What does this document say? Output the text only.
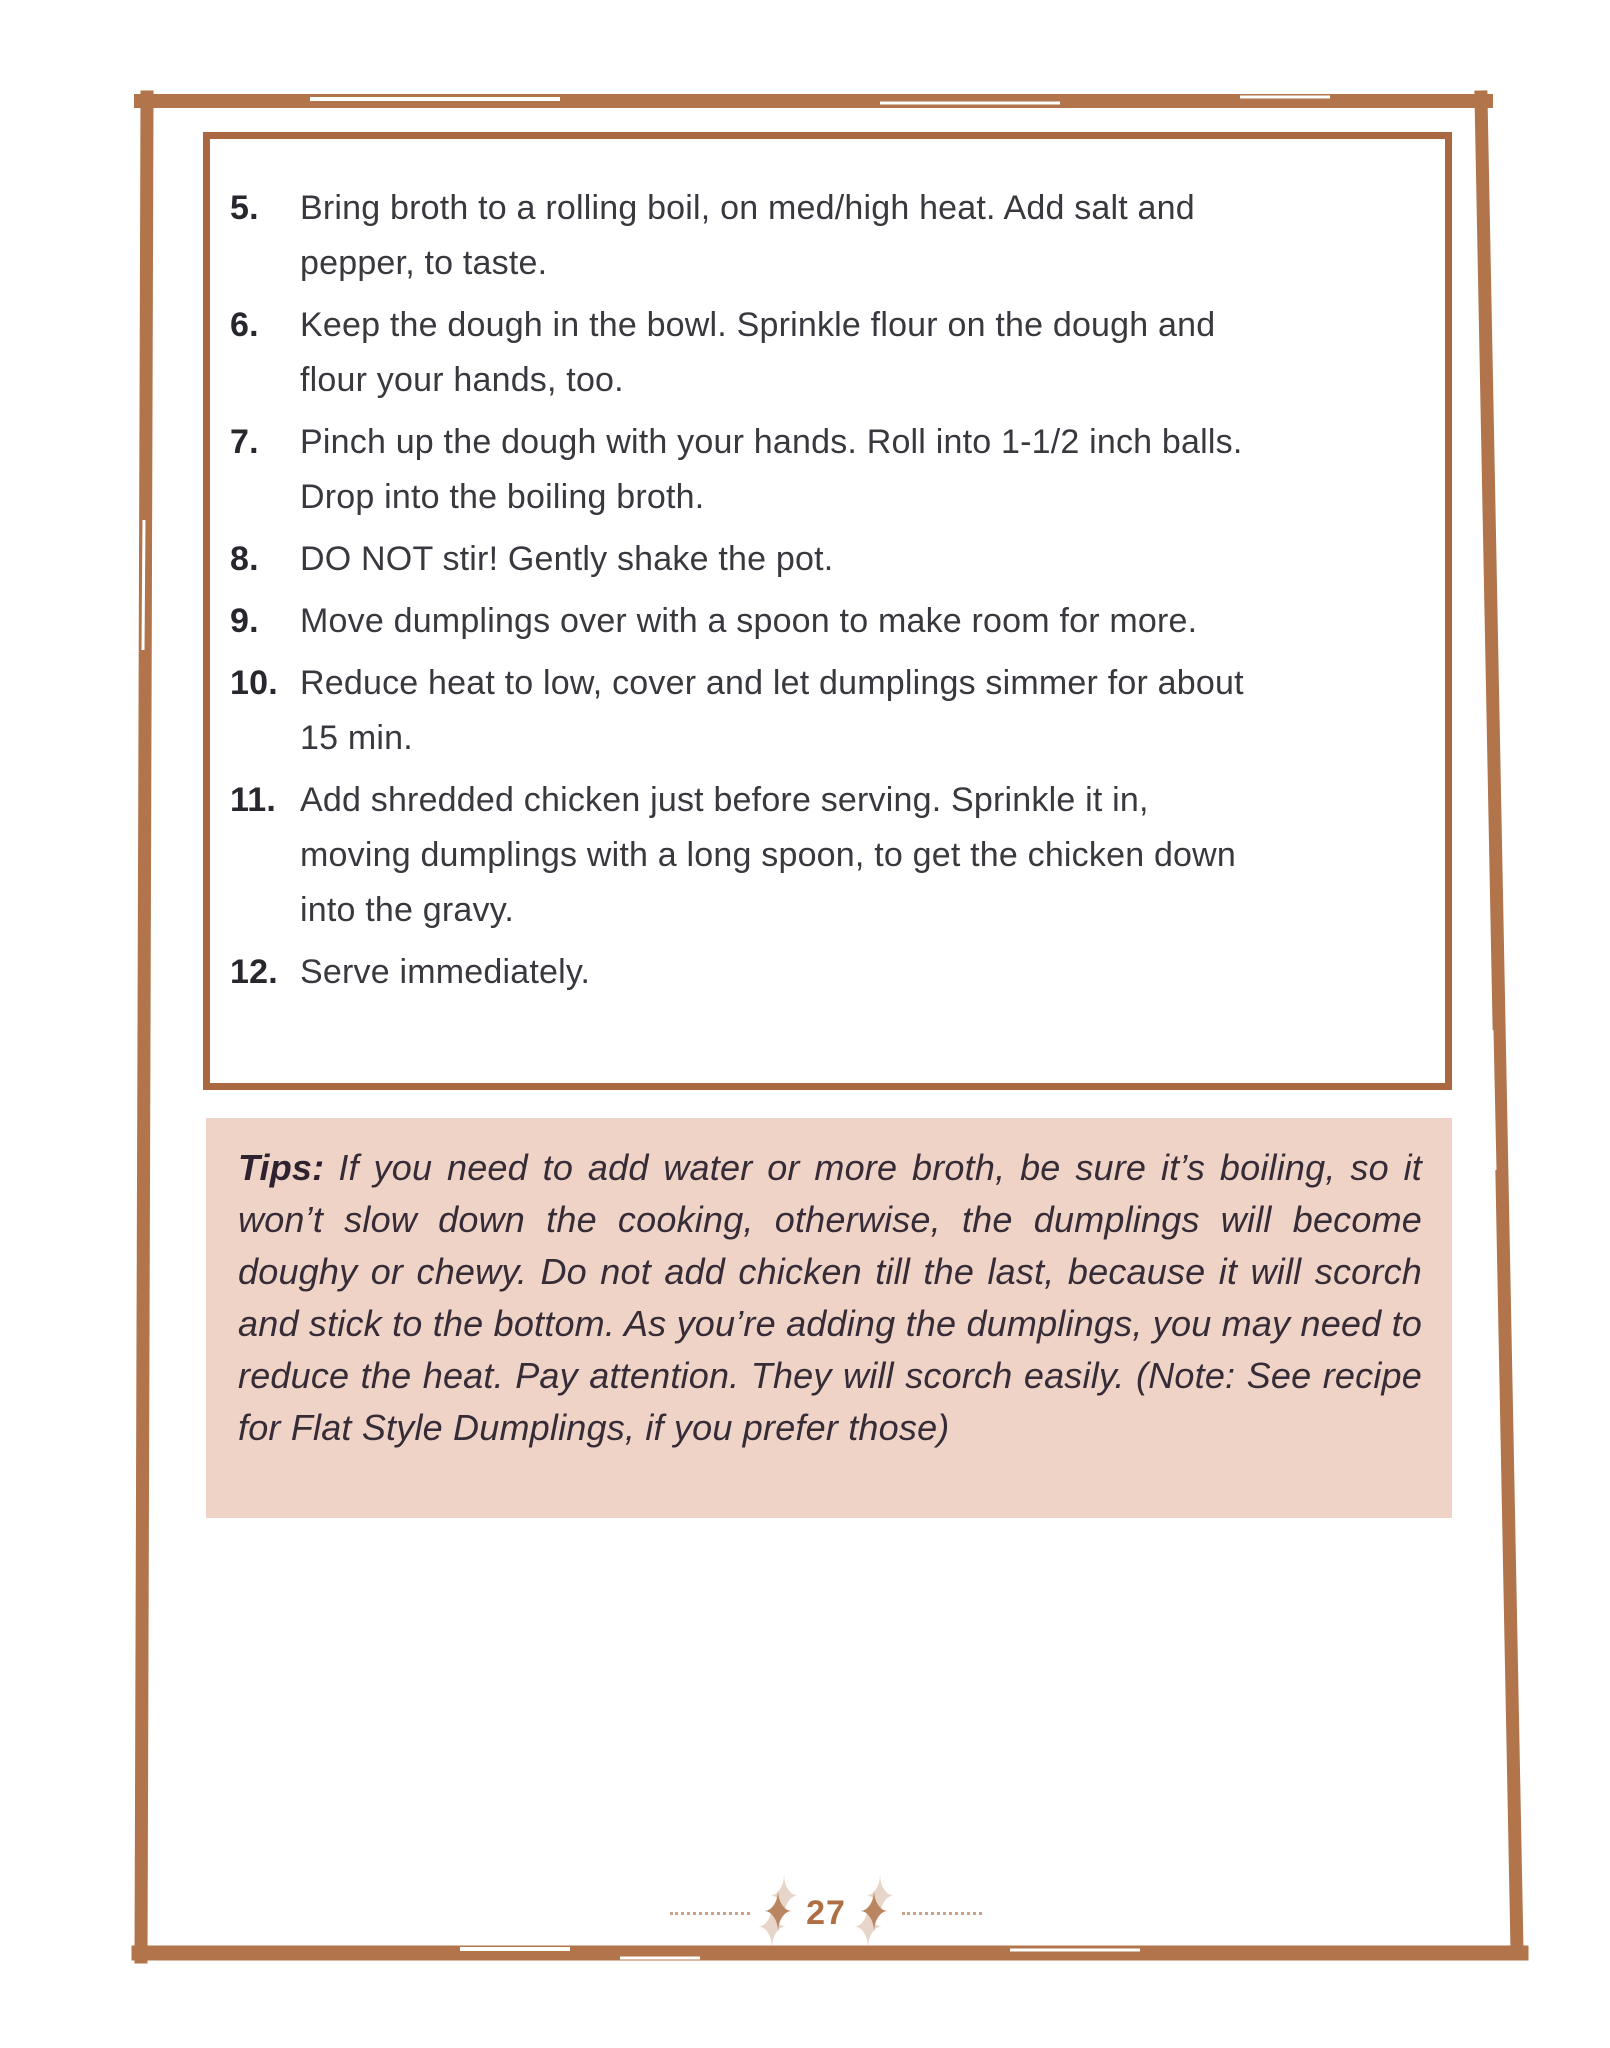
5.	Bring broth to a rolling boil, on med/high heat. Add salt and pepper, to taste.
6.	Keep the dough in the bowl. Sprinkle flour on the dough and flour your hands, too.
7.	Pinch up the dough with your hands. Roll into 1-1/2 inch balls. Drop into the boiling broth.
8.	DO NOT stir! Gently shake the pot.
9.	Move dumplings over with a spoon to make room for more.
10. Reduce heat to low, cover and let dumplings simmer for about 15 min.
11. Add shredded chicken just before serving. Sprinkle it in, moving dumplings with a long spoon, to get the chicken down into the gravy.
12. Serve immediately.

Tips: If you need to add water or more broth, be sure it’s boiling, so it won’t slow down the cooking, otherwise, the dumplings will become doughy or chewy. Do not add chicken till the last, because it will scorch and stick to the bottom. As you’re adding the dumplings, you may need to reduce the heat. Pay attention. They will scorch easily. (Note: See recipe for Flat Style Dumplings, if you prefer those)

✦ 27 ✦
